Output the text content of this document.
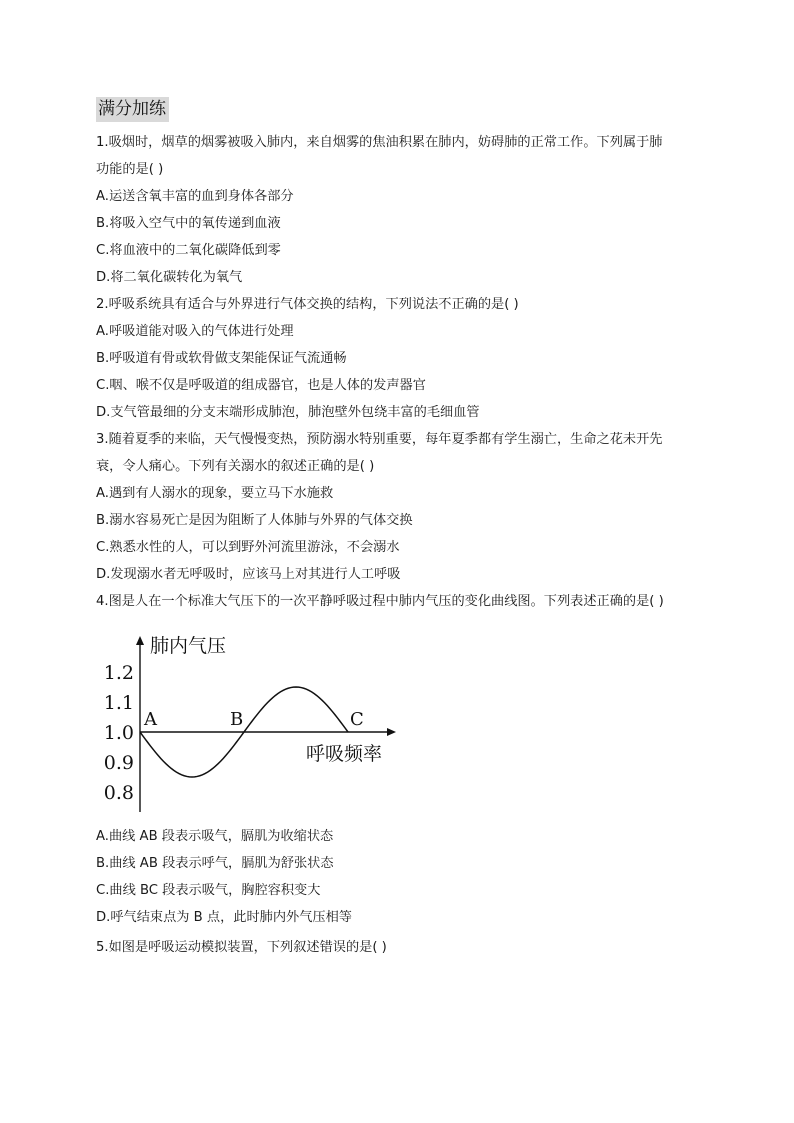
满分加练
1.吸烟时，烟草的烟雾被吸入肺内，来自烟雾的焦油积累在肺内，妨碍肺的正常工作。下列属于肺
功能的是( )
A.运送含氧丰富的血到身体各部分
B.将吸入空气中的氧传递到血液
C.将血液中的二氧化碳降低到零
D.将二氧化碳转化为氧气
2.呼吸系统具有适合与外界进行气体交换的结构，下列说法不正确的是( )
A.呼吸道能对吸入的气体进行处理
B.呼吸道有骨或软骨做支架能保证气流通畅
C.咽、喉不仅是呼吸道的组成器官，也是人体的发声器官
D.支气管最细的分支末端形成肺泡，肺泡壁外包绕丰富的毛细血管
3.随着夏季的来临，天气慢慢变热，预防溺水特别重要，每年夏季都有学生溺亡，生命之花未开先
衰，令人痛心。下列有关溺水的叙述正确的是( )
A.遇到有人溺水的现象，要立马下水施救
B.溺水容易死亡是因为阻断了人体肺与外界的气体交换
C.熟悉水性的人，可以到野外河流里游泳，不会溺水
D.发现溺水者无呼吸时，应该马上对其进行人工呼吸
4.图是人在一个标准大气压下的一次平静呼吸过程中肺内气压的变化曲线图。下列表述正确的是( )
肺内气压
呼吸频率
1.2
1.1
1.0
0.9
0.8
A	B	C
A.曲线 AB 段表示吸气，膈肌为收缩状态
B.曲线 AB 段表示呼气，膈肌为舒张状态
C.曲线 BC 段表示吸气，胸腔容积变大
D.呼气结束点为 B 点，此时肺内外气压相等
5.如图是呼吸运动模拟装置，下列叙述错误的是( )
